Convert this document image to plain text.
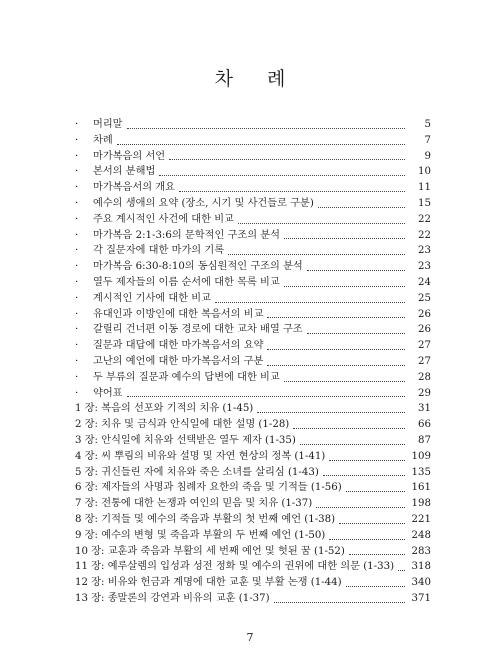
차 례
· 머리말	5
· 차례	7
· 마가복음의 서언	9
· 본서의 분해법	10
· 마가복음서의 개요	11
· 예수의 생애의 요약 (장소, 시기 및 사건들로 구분)	15
· 주요 계시적인 사건에 대한 비교	22
· 마가복음 2:1-3:6의 문학적인 구조의 분석	22
· 각 질문자에 대한 마가의 기록	23
· 마가복음 6:30-8:10의 동심원적인 구조의 분석	23
· 열두 제자들의 이름 순서에 대한 목록 비교	24
· 계시적인 기사에 대한 비교	25
· 유대인과 이방인에 대한 복음서의 비교	26
· 갈릴리 건너편 이동 경로에 대한 교차 배열 구조	26
· 질문과 대답에 대한 마가복음서의 요약	27
· 고난의 예언에 대한 마가복음서의 구분	27
· 두 부류의 질문과 예수의 답변에 대한 비교	28
· 약어표	29
1 장: 복음의 선포와 기적의 치유 (1-45)	31
2 장: 치유 및 금식과 안식일에 대한 설명 (1-28)	66
3 장: 안식일에 치유와 선택받은 열두 제자 (1-35)	87
4 장: 씨 뿌림의 비유와 설명 및 자연 현상의 정복 (1-41)	109
5 장: 귀신들린 자에 치유와 죽은 소녀를 살리심 (1-43)	135
6 장: 제자들의 사명과 침례자 요한의 죽음 및 기적들 (1-56)	161
7 장: 전통에 대한 논쟁과 여인의 믿음 및 치유 (1-37)	198
8 장: 기적들 및 예수의 죽음과 부활의 첫 번째 예언 (1-38)	221
9 장: 예수의 변형 및 죽음과 부활의 두 번째 예언 (1-50)	248
10 장: 교훈과 죽음과 부활의 세 번째 예언 및 헛된 꿈 (1-52)	283
11 장: 예루살렘의 입성과 성전 정화 및 예수의 권위에 대한 의문 (1-33) 318
12 장: 비유와 헌금과 계명에 대한 교훈 및 부활 논쟁 (1-44)	340
13 장: 종말론의 강연과 비유의 교훈 (1-37)	371
7
